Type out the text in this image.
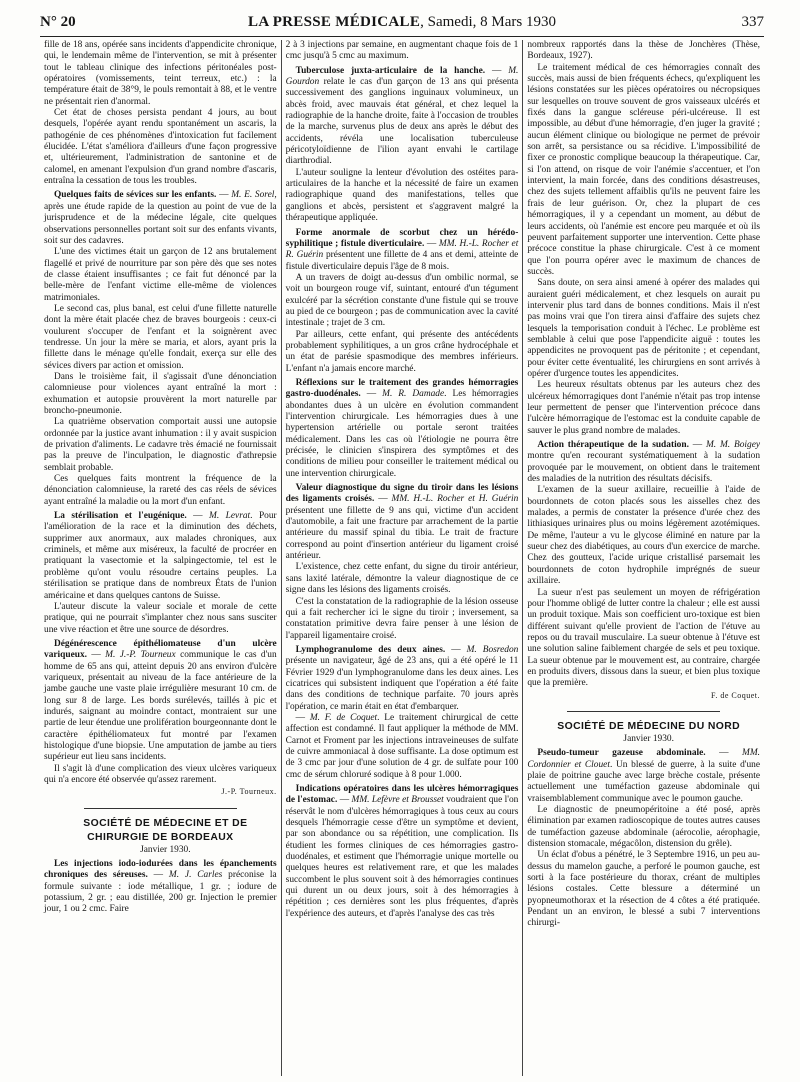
N° 20	LA PRESSE MÉDICALE, Samedi, 8 Mars 1930	337

fille de 18 ans, opérée sans incidents d'appendicite chronique, qui, le lendemain même de l'intervention, se mit à présenter tout le tableau clinique des infections péritonéales post-opératoires (vomissements, teint terreux, etc.) : la température était de 38°9, le pouls remontait à 88, et le ventre ne présentait rien d'anormal.

Cet état de choses persista pendant 4 jours, au bout desquels, l'opérée ayant rendu spontanément un ascaris, la pathogénie de ces phénomènes d'intoxication fut facilement élucidée. L'état s'améliora d'ailleurs d'une façon progressive et, ultérieurement, l'administration de santonine et de calomel, en amenant l'expulsion d'un grand nombre d'ascaris, entraîna la cessation de tous les troubles.

Quelques faits de sévices sur les enfants. — M. E. Sorel, après une étude rapide de la question au point de vue de la jurisprudence et de la médecine légale, cite quelques observations personnelles portant soit sur des enfants vivants, soit sur des cadavres.

L'une des victimes était un garçon de 12 ans brutalement flagellé et privé de nourriture par son père dès que ses notes de classe étaient insuffisantes ; ce fait fut dénoncé par la belle-mère de l'enfant victime elle-même de violences matrimoniales.

Le second cas, plus banal, est celui d'une fillette naturelle dont la mère était placée chez de braves bourgeois : ceux-ci voulurent s'occuper de l'enfant et la soignèrent avec tendresse. Un jour la mère se maria, et alors, ayant pris la fillette dans le ménage qu'elle fondait, exerça sur elle des sévices divers par action et omission.

Dans le troisième fait, il s'agissait d'une dénonciation calomnieuse pour violences ayant entraîné la mort : exhumation et autopsie prouvèrent la mort naturelle par broncho-pneumonie.

La quatrième observation comportait aussi une autopsie ordonnée par la justice avant inhumation : il y avait suspicion de privation d'aliments. Le cadavre très émacié ne fournissait pas la preuve de l'inculpation, le diagnostic d'athrepsie semblait probable.

Ces quelques faits montrent la fréquence de la dénonciation calomnieuse, la rareté des cas réels de sévices ayant entraîné la maladie ou la mort d'un enfant.

La stérilisation et l'eugénique. — M. Levrat. Pour l'amélioration de la race et la diminution des déchets, supprimer aux anormaux, aux malades chroniques, aux criminels, et même aux miséreux, la faculté de procréer en pratiquant la vasectomie et la salpingectomie, tel est le problème qu'ont voulu résoudre certains peuples. La stérilisation se pratique dans de nombreux États de l'union américaine et dans quelques cantons de Suisse.

L'auteur discute la valeur sociale et morale de cette pratique, qui ne pourrait s'implanter chez nous sans susciter une vive réaction et être une source de désordres.

Dégénérescence épithéliomateuse d'un ulcère variqueux. — M. J.-P. Tourneux communique le cas d'un homme de 65 ans qui, atteint depuis 20 ans environ d'ulcère variqueux, présentait au niveau de la face antérieure de la jambe gauche une vaste plaie irrégulière mesurant 10 cm. de long sur 8 de large. Les bords surélevés, taillés à pic et indurés, saignant au moindre contact, montraient sur une partie de leur étendue une prolifération bourgeonnante dont le caractère épithéliomateux fut montré par l'examen histologique d'une biopsie. Une amputation de jambe au tiers supérieur eut lieu sans incidents.

Il s'agit là d'une complication des vieux ulcères variqueux qui n'a encore été observée qu'assez rarement.

J.-P. Tourneux.

SOCIÉTÉ DE MÉDECINE ET DE CHIRURGIE DE BORDEAUX

Janvier 1930.

Les injections iodo-iodurées dans les épanchements chroniques des séreuses. — M. J. Carles préconise la formule suivante : iode métallique, 1 gr. ; iodure de potassium, 2 gr. ; eau distillée, 200 gr. Injection le premier jour, 1 ou 2 cmc. Faire

2 à 3 injections par semaine, en augmentant chaque fois de 1 cmc jusqu'à 5 cmc au maximum.

Tuberculose juxta-articulaire de la hanche. — M. Gourdon relate le cas d'un garçon de 13 ans qui présenta successivement des ganglions inguinaux volumineux, un abcès froid, avec mauvais état général, et chez lequel la radiographie de la hanche droite, faite à l'occasion de troubles de la marche, survenus plus de deux ans après le début des accidents, révéla une localisation tuberculeuse péricotyloïdienne de l'ilion ayant envahi le cartilage diarthrodial.

L'auteur souligne la lenteur d'évolution des ostéites para-articulaires de la hanche et la nécessité de faire un examen radiographique quand des manifestations, telles que ganglions et abcès, persistent et s'aggravent malgré la thérapeutique appliquée.

Forme anormale de scorbut chez un hérédo-syphilitique ; fistule diverticulaire. — MM. H.-L. Rocher et R. Guérin présentent une fillette de 4 ans et demi, atteinte de fistule diverticulaire depuis l'âge de 8 mois.

A un travers de doigt au-dessus d'un ombilic normal, se voit un bourgeon rouge vif, suintant, entouré d'un tégument exulcéré par la sécrétion constante d'une fistule qui se trouve au pied de ce bourgeon ; pas de communication avec la cavité intestinale ; trajet de 3 cm.

Par ailleurs, cette enfant, qui présente des antécédents probablement syphilitiques, a un gros crâne hydrocéphale et un état de parésie spasmodique des membres inférieurs. L'enfant n'a jamais encore marché.

Réflexions sur le traitement des grandes hémorragies gastro-duodénales. — M. R. Damade. Les hémorragies abondantes dues à un ulcère en évolution commandent l'intervention chirurgicale. Les hémorragies dues à une hypertension artérielle ou portale seront traitées médicalement. Dans les cas où l'étiologie ne pourra être précisée, le clinicien s'inspirera des symptômes et des conditions de milieu pour conseiller le traitement médical ou une intervention chirurgicale.

Valeur diagnostique du signe du tiroir dans les lésions des ligaments croisés. — MM. H.-L. Rocher et H. Guérin présentent une fillette de 9 ans qui, victime d'un accident d'automobile, a fait une fracture par arrachement de la partie antérieure du massif spinal du tibia. Le trait de fracture correspond au point d'insertion antérieur du ligament croisé antérieur.

L'existence, chez cette enfant, du signe du tiroir antérieur, sans laxité latérale, démontre la valeur diagnostique de ce signe dans les lésions des ligaments croisés.

C'est la constatation de la radiographie de la lésion osseuse qui a fait rechercher ici le signe du tiroir ; inversement, sa constatation primitive devra faire penser à une lésion de l'appareil ligamentaire croisé.

Lymphogranulome des deux aines. — M. Bosredon présente un navigateur, âgé de 23 ans, qui a été opéré le 11 Février 1929 d'un lymphogranulome dans les deux aines. Les cicatrices qui subsistent indiquent que l'opération a été faite dans des conditions de technique parfaite. 70 jours après l'opération, ce marin était en état d'embarquer.

— M. F. de Coquet. Le traitement chirurgical de cette affection est condamné. Il faut appliquer la méthode de MM. Carnot et Froment par les injections intraveineuses de sulfate de cuivre ammoniacal à dose suffisante. La dose optimum est de 3 cmc par jour d'une solution de 4 gr. de sulfate pour 100 cmc de sérum chloruré sodique à 8 pour 1.000.

Indications opératoires dans les ulcères hémorragiques de l'estomac. — MM. Lefèvre et Brousset voudraient que l'on réservât le nom d'ulcères hémorragiques à tous ceux au cours desquels l'hémorragie cesse d'être un symptôme et devient, par son abondance ou sa répétition, une complication. Ils étudient les formes cliniques de ces hémorragies gastro-duodénales, et estiment que l'hémorragie unique mortelle ou quelques heures est relativement rare, et que les malades succombent le plus souvent soit à des hémorragies continues qui durent un ou deux jours, soit à des hémorragies à répétition ; ces dernières sont les plus fréquentes, d'après l'expérience des auteurs, et d'après l'analyse des cas très

nombreux rapportés dans la thèse de Jonchères (Thèse, Bordeaux, 1927).

Le traitement médical de ces hémorragies connaît des succès, mais aussi de bien fréquents échecs, qu'expliquent les lésions constatées sur les pièces opératoires ou nécropsiques sur lesquelles on trouve souvent de gros vaisseaux ulcérés et fixés dans la gangue scléreuse péri-ulcéreuse. Il est impossible, au début d'une hémorragie, d'en juger la gravité ; aucun élément clinique ou biologique ne permet de prévoir son arrêt, sa persistance ou sa récidive. L'impossibilité de fixer ce pronostic complique beaucoup la thérapeutique. Car, si l'on attend, on risque de voir l'anémie s'accentuer, et l'on intervient, la main forcée, dans des conditions désastreuses, chez des sujets tellement affaiblis qu'ils ne peuvent faire les frais de leur guérison. Or, chez la plupart de ces hémorragiques, il y a cependant un moment, au début de leurs accidents, où l'anémie est encore peu marquée et où ils peuvent parfaitement supporter une intervention. Cette phase précoce constitue la phase chirurgicale. C'est à ce moment que l'on pourra opérer avec le maximum de chances de succès.

Sans doute, on sera ainsi amené à opérer des malades qui auraient guéri médicalement, et chez lesquels on aurait pu intervenir plus tard dans de bonnes conditions. Mais il n'est pas moins vrai que l'on tirera ainsi d'affaire des sujets chez lesquels la temporisation conduit à l'échec. Le problème est semblable à celui que pose l'appendicite aiguë : toutes les appendicites ne provoquent pas de péritonite ; et cependant, pour éviter cette éventualité, les chirurgiens en sont arrivés à opérer d'urgence toutes les appendicites.

Les heureux résultats obtenus par les auteurs chez des ulcéreux hémorragiques dont l'anémie n'était pas trop intense leur permettent de penser que l'intervention précoce dans l'ulcère hémorragique de l'estomac est la conduite capable de sauver le plus grand nombre de malades.

Action thérapeutique de la sudation. — M. M. Boigey montre qu'en recourant systématiquement à la sudation provoquée par le mouvement, on obtient dans le traitement des maladies de la nutrition des résultats décisifs.

L'examen de la sueur axillaire, recueillie à l'aide de bourdonnets de coton placés sous les aisselles chez des malades, a permis de constater la présence d'urée chez des lithiasiques urinaires plus ou moins légèrement azotémiques. De même, l'auteur a vu le glycose éliminé en nature par la sueur chez des diabétiques, au cours d'un exercice de marche. Chez des goutteux, l'acide urique cristallisé parsemait les bourdonnets de coton hydrophile imprégnés de sueur axillaire.

La sueur n'est pas seulement un moyen de réfrigération pour l'homme obligé de lutter contre la chaleur ; elle est aussi un produit toxique. Mais son coefficient uro-toxique est bien différent suivant qu'elle provient de l'action de l'étuve au repos ou du travail musculaire. La sueur obtenue à l'étuve est une solution saline faiblement chargée de sels et peu toxique. La sueur obtenue par le mouvement est, au contraire, chargée en produits divers, dissous dans la sueur, et bien plus toxique que la première.

F. de Coquet.

SOCIÉTÉ DE MÉDECINE DU NORD

Janvier 1930.

Pseudo-tumeur gazeuse abdominale. — MM. Cordonnier et Clouet. Un blessé de guerre, à la suite d'une plaie de poitrine gauche avec large brèche costale, présente actuellement une tuméfaction gazeuse abdominale qui vraisemblablement communique avec le poumon gauche.

Le diagnostic de pneumopéritoine a été posé, après élimination par examen radioscopique de toutes autres causes de tuméfaction gazeuse abdominale (aérocolie, aérophagie, distension stomacale, mégacôlon, distension du grêle).

Un éclat d'obus a pénétré, le 3 Septembre 1916, un peu au-dessus du mamelon gauche, a perforé le poumon gauche, est sorti à la face postérieure du thorax, créant de multiples lésions costales. Cette blessure a déterminé un pyopneumothorax et la résection de 4 côtes a été pratiquée. Pendant un an environ, le blessé a subi 7 interventions chirurgi-
